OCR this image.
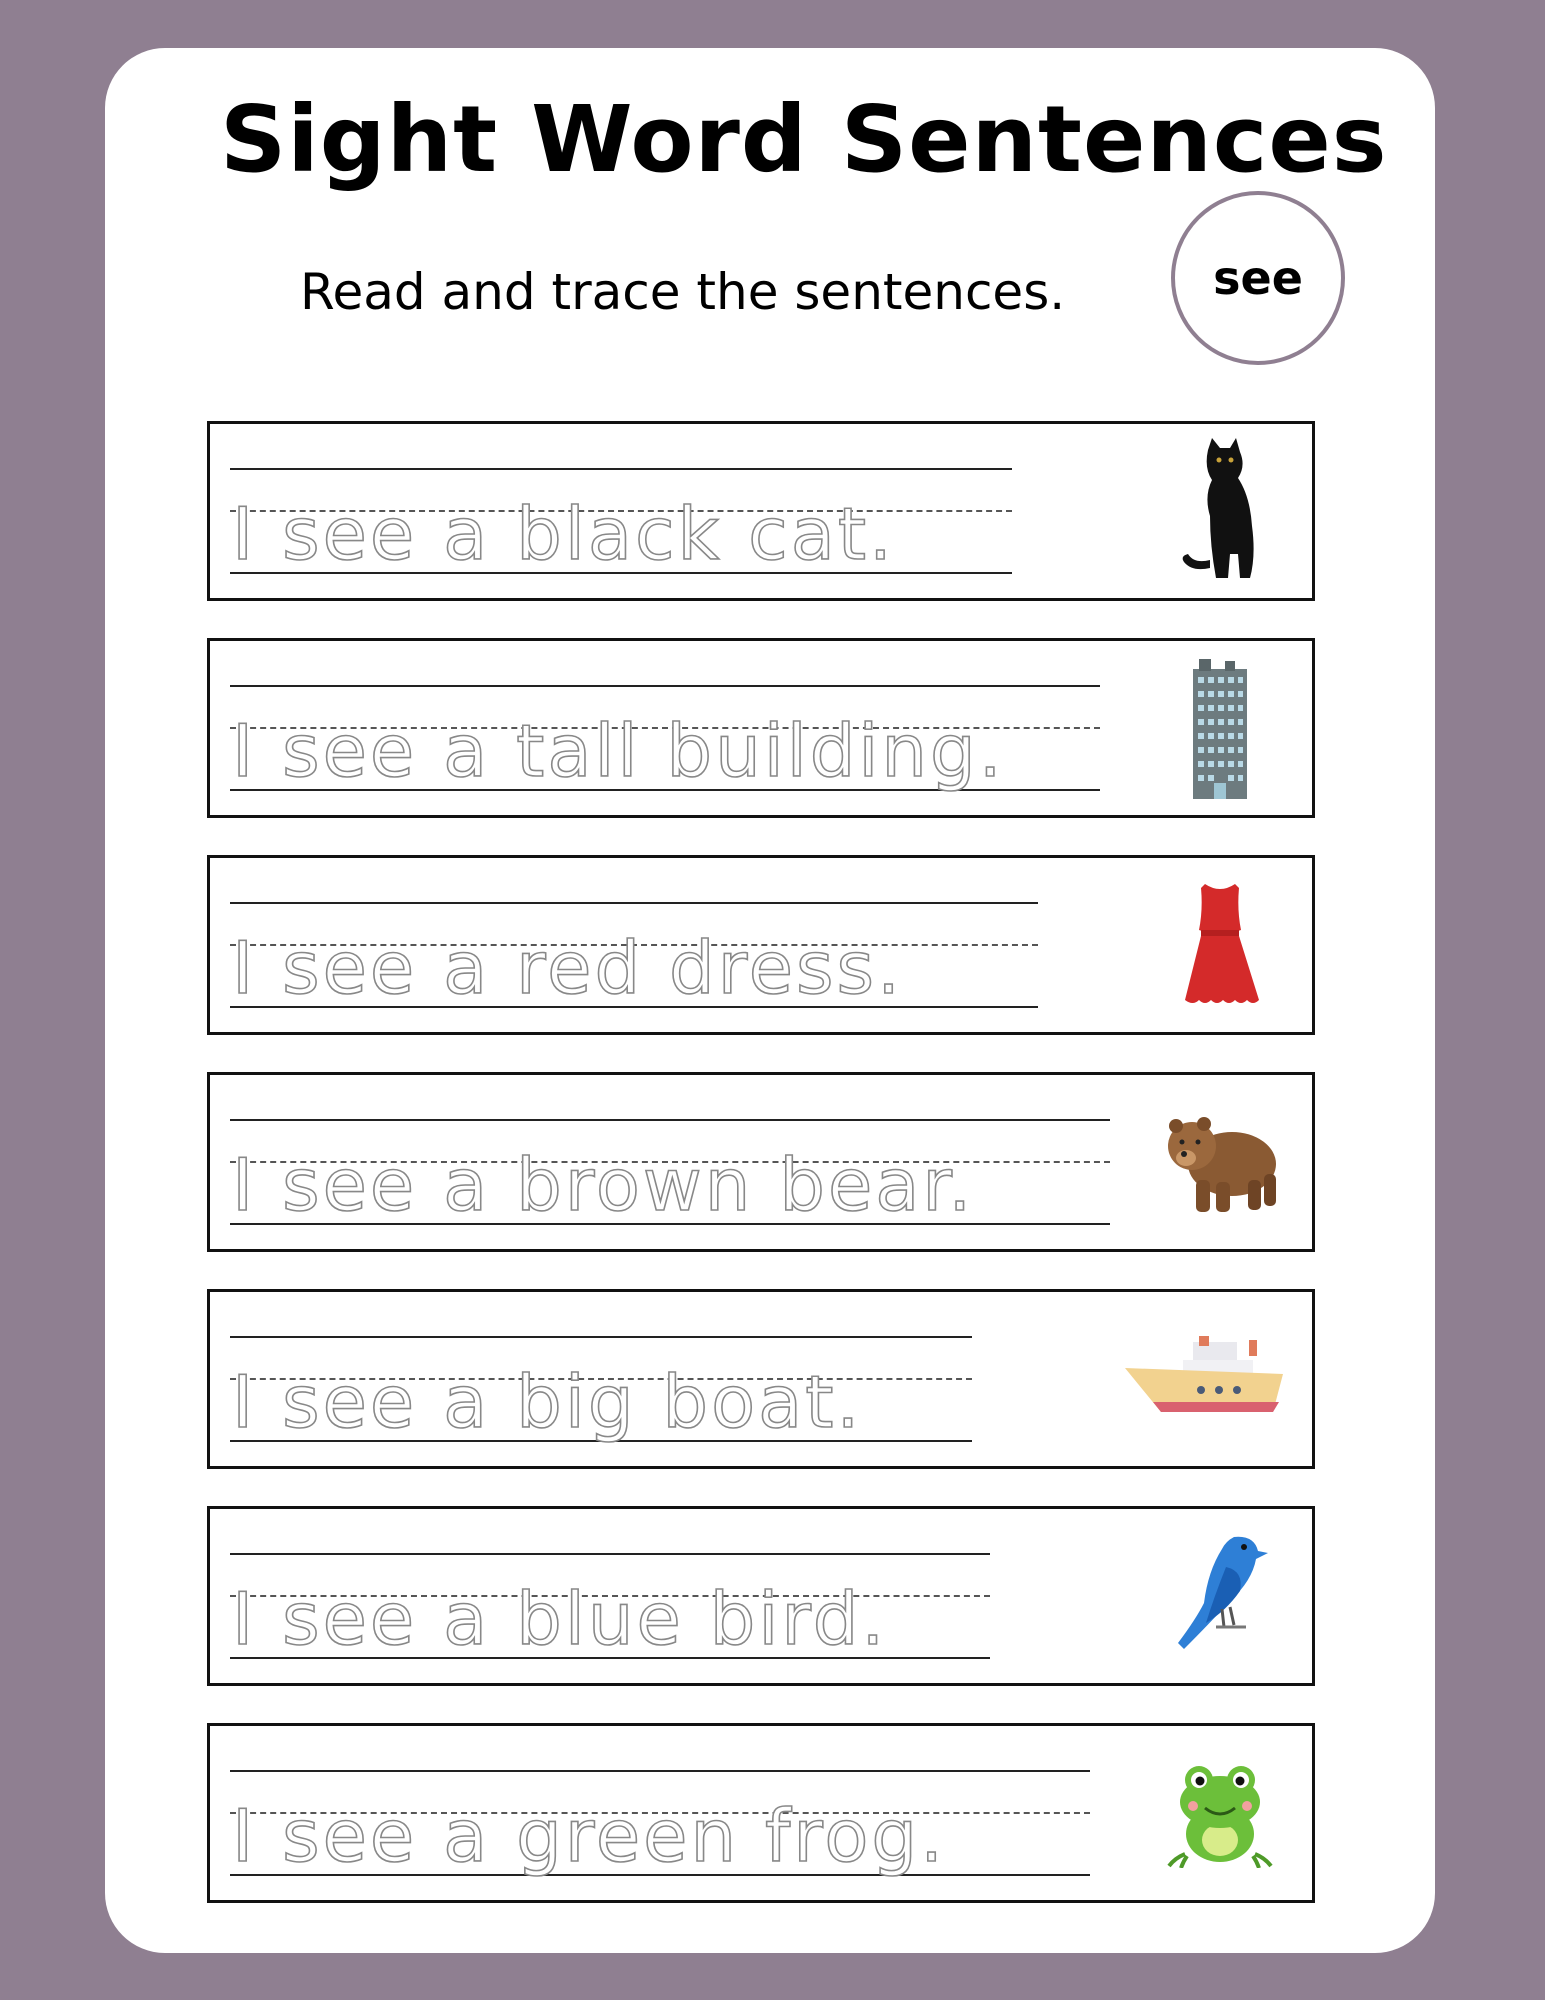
Sight Word Sentences
Read and trace the sentences.	see
I see a black cat.
I see a tall building.
I see a red dress.
I see a brown bear.
I see a big boat.
I see a blue bird.
I see a green frog.
